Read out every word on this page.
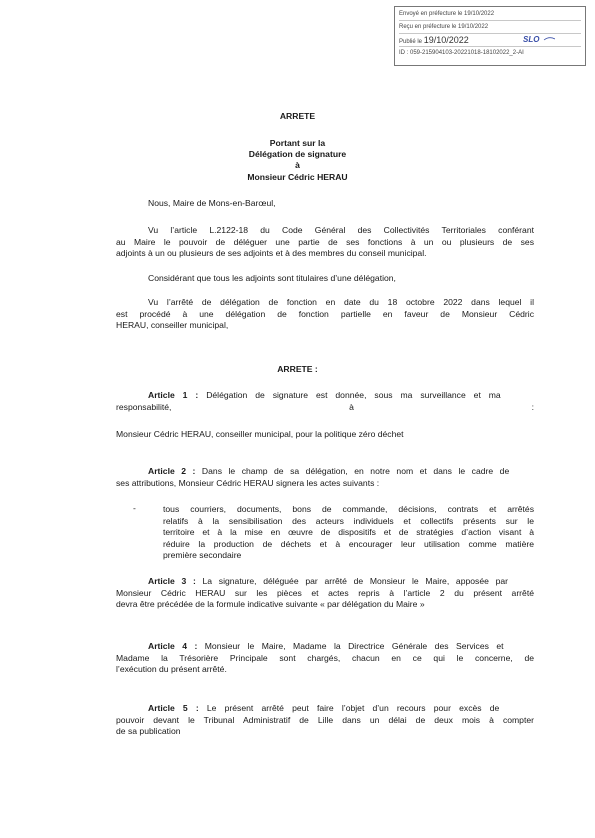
Envoyé en préfecture le 19/10/2022
Reçu en préfecture le 19/10/2022
Publié le 19/10/2022	SLO
ID : 059-215904103-20221018-18102022_2-AI
ARRETE
Portant sur la
Délégation de signature
à
Monsieur Cédric HERAU
Nous, Maire de Mons-en-Barœul,
Vu l’article L.2122-18 du Code Général des Collectivités Territoriales conférant
au Maire le pouvoir de déléguer une partie de ses fonctions à un ou plusieurs de ses
adjoints à un ou plusieurs de ses adjoints et à des membres du conseil municipal.
Considérant que tous les adjoints sont titulaires d’une délégation,
Vu l’arrêté de délégation de fonction en date du 18 octobre 2022 dans lequel il
est procédé à une délégation de fonction partielle en faveur de Monsieur Cédric
HERAU, conseiller municipal,
ARRETE :
Article 1 : Délégation de signature est donnée, sous ma surveillance et ma
responsabilité, à :
Monsieur Cédric HERAU, conseiller municipal, pour la politique zéro déchet
Article 2 : Dans le champ de sa délégation, en notre nom et dans le cadre de
ses attributions, Monsieur Cédric HERAU signera les actes suivants :
-	tous courriers, documents, bons de commande, décisions, contrats et arrêtés
relatifs à la sensibilisation des acteurs individuels et collectifs présents sur le
territoire et à la mise en œuvre de dispositifs et de stratégies d’action visant à
réduire la production de déchets et à encourager leur utilisation comme matière
première secondaire
Article 3 : La signature, déléguée par arrêté de Monsieur le Maire, apposée par
Monsieur Cédric HERAU sur les pièces et actes repris à l’article 2 du présent arrêté
devra être précédée de la formule indicative suivante « par délégation du Maire »
Article 4 : Monsieur le Maire, Madame la Directrice Générale des Services et
Madame la Trésorière Principale sont chargés, chacun en ce qui le concerne, de
l’exécution du présent arrêté.
Article 5 : Le présent arrêté peut faire l’objet d’un recours pour excès de
pouvoir devant le Tribunal Administratif de Lille dans un délai de deux mois à compter
de sa publication
